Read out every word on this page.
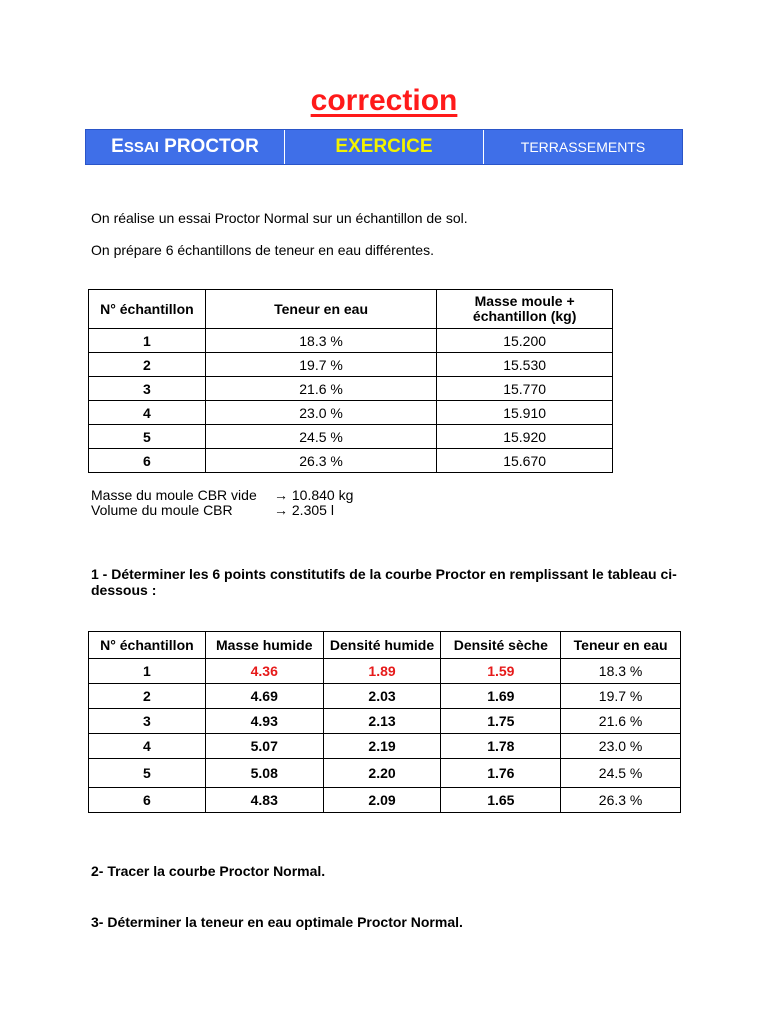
correction
E SSAI PROCTOR	EXERCICE	TERRASSEMENTS
On réalise un essai Proctor Normal sur un échantillon de sol.
On prépare 6 échantillons de teneur en eau différentes.
N° échantillon	Teneur en eau	Masse moule +
échantillon (kg)
1	18.3 %	15.200
2	19.7 %	15.530
3	21.6 %	15.770
4	23.0 %	15.910
5	24.5 %	15.920
6	26.3 %	15.670
Masse du moule CBR vide → 10.840 kg
Volume du moule CBR	→ 2.305 l
1 - Déterminer les 6 points constitutifs de la courbe Proctor en remplissant le tableau ci-dessous :
N° échantillon	Masse humide	Densité humide	Densité sèche	Teneur en eau
1	4.36	1.89	1.59	18.3 %
2	4.69	2.03	1.69	19.7 %
3	4.93	2.13	1.75	21.6 %
4	5.07	2.19	1.78	23.0 %
5	5.08	2.20	1.76	24.5 %
6	4.83	2.09	1.65	26.3 %
2- Tracer la courbe Proctor Normal.
3- Déterminer la teneur en eau optimale Proctor Normal.
